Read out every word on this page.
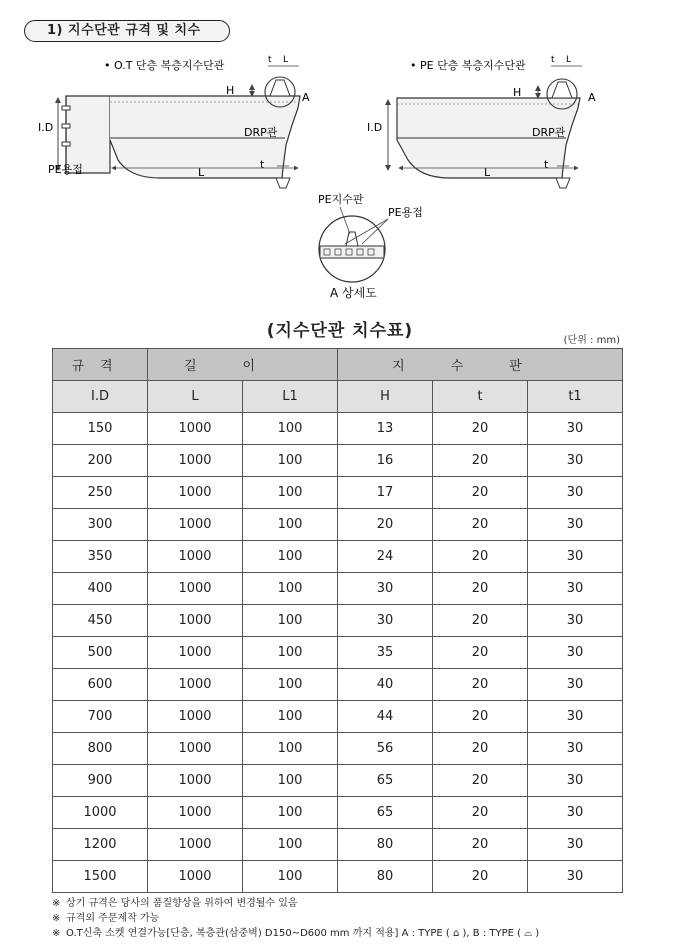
1) 지수단관 규격 및 치수
• O.T 단층 복층지수단관
I.D
PE용접
H
A
DRP관
t
t L
L
• PE 단층 복층지수단관
I.D
H	A
DRP관
t
t L
L
PE지수판
PE용접
A 상세도
(지수단관 치수표)	(단위 : mm)
규격	길이		지수판		
I.D	L	L1	H	t	t1
150	1000	100	13	20	30
200	1000	100	16	20	30
250	1000	100	17	20	30
300	1000	100	20	20	30
350	1000	100	24	20	30
400	1000	100	30	20	30
450	1000	100	30	20	30
500	1000	100	35	20	30
600	1000	100	40	20	30
700	1000	100	44	20	30
800	1000	100	56	20	30
900	1000	100	65	20	30
1000	1000	100	65	20	30
1200	1000	100	80	20	30
1500	1000	100	80	20	30
※ 상기 규격은 당사의 품질향상을 위하여 변경될수 있음
※ 규격외 주문제작 가능
※ O.T신축 소켓 연결가능[단층, 복층관(삼중벽) D150~D600 mm 까지 적용] A : TYPE ( ⌂ ), B : TYPE ( ⌓ )
